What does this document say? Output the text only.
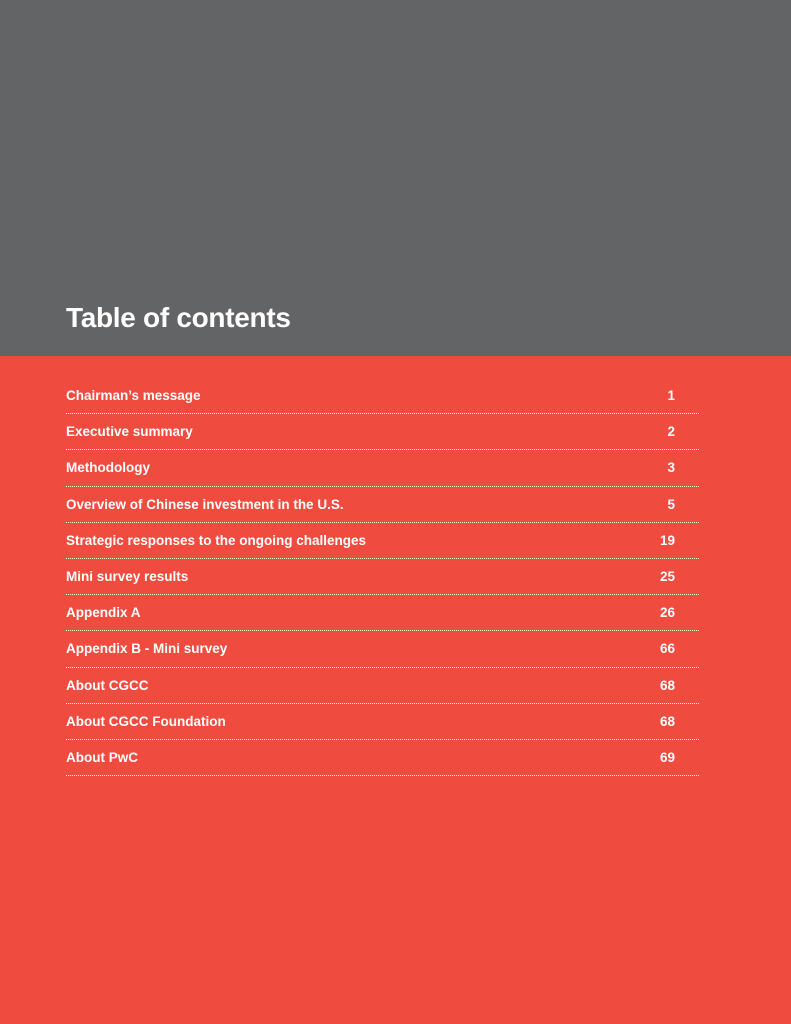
Table of contents
Chairman’s message	1
Executive summary	2
Methodology	3
Overview of Chinese investment in the U.S.	5
Strategic responses to the ongoing challenges	19
Mini survey results	25
Appendix A	26
Appendix B - Mini survey	66
About CGCC	68
About CGCC Foundation	68
About PwC	69
